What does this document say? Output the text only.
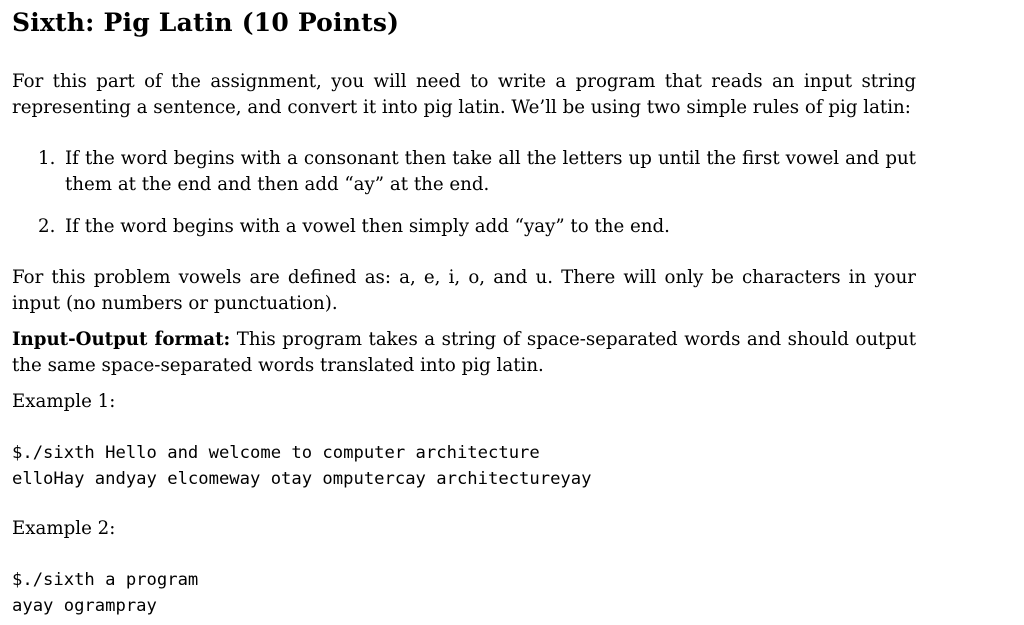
Sixth: Pig Latin (10 Points)

For this part of the assignment, you will need to write a program that reads an input string representing a sentence, and convert it into pig latin. We’ll be using two simple rules of pig latin:

1. If the word begins with a consonant then take all the letters up until the first vowel and put them at the end and then add “ay” at the end.
2. If the word begins with a vowel then simply add “yay” to the end.

For this problem vowels are defined as: a, e, i, o, and u. There will only be characters in your input (no numbers or punctuation).

Input-Output format: This program takes a string of space-separated words and should output the same space-separated words translated into pig latin.

Example 1:

$./sixth Hello and welcome to computer architecture
elloHay andyay elcomeway otay omputercay architectureyay

Example 2:

$./sixth a program
ayay ogrampray
